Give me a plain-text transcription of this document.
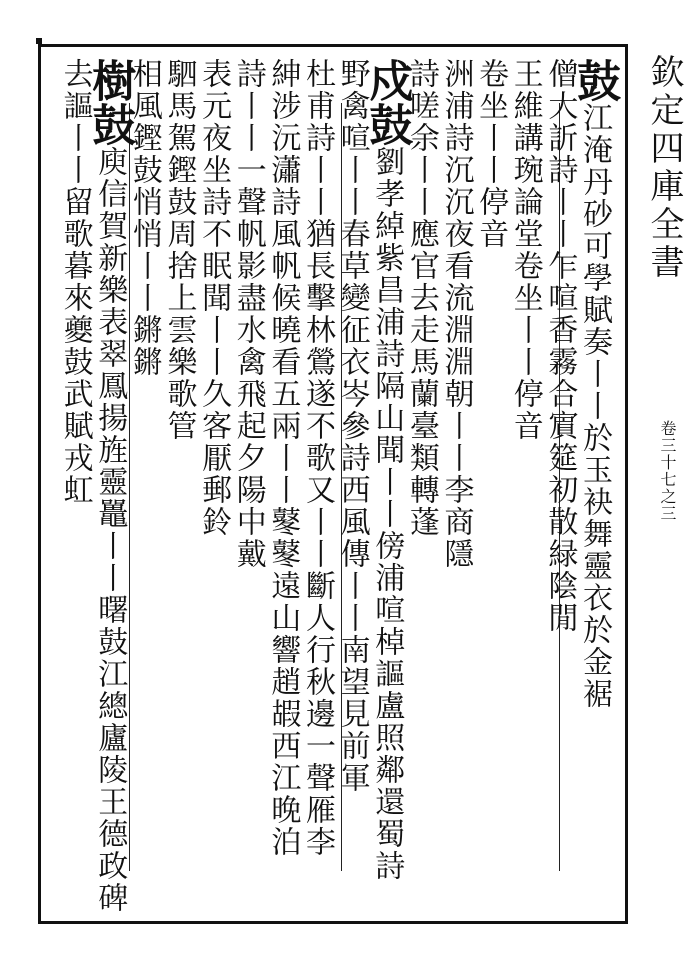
欽定四庫全書
卷三十七之三
鼓江淹丹砂可學賦奏丨丨於玉袂舞靈衣於金裾
僧大訢詩丨丨乍喧香霧合賔筵初散緑陰閒
王維講琬論堂卷坐丨丨停音
卷坐丨丨停音
洲浦詩沉沉夜看流淵淵朝丨丨李商隱
詩嗟余丨丨應官去走馬蘭臺類轉蓬
戍鼓劉孝綽紫昌浦詩隔山聞丨丨傍浦喧棹謳盧照鄰還蜀詩
野禽喧丨丨春草變征衣岑參詩西風傳丨丨南望見前軍
杜甫詩丨丨猶長擊林鶯遂不歌又丨丨斷人行秋邊一聲雁李
紳涉沅瀟詩風帆候曉看五兩丨丨鼕鼕遠山響趙嘏西江晚泊
詩丨丨一聲帆影盡水禽飛起夕陽中戴
表元夜坐詩不眠聞丨丨久客厭郵鈴
駟馬駕鏗鼓周捨上雲樂歌管
相風鏗鼓悄悄丨丨鏘鏘
樹鼓庾信賀新樂表翠鳳揚旌靈鼉丨丨曙鼓江總廬陵王德政碑
去謳丨丨留歌暮來夔鼓武賦戎虹
